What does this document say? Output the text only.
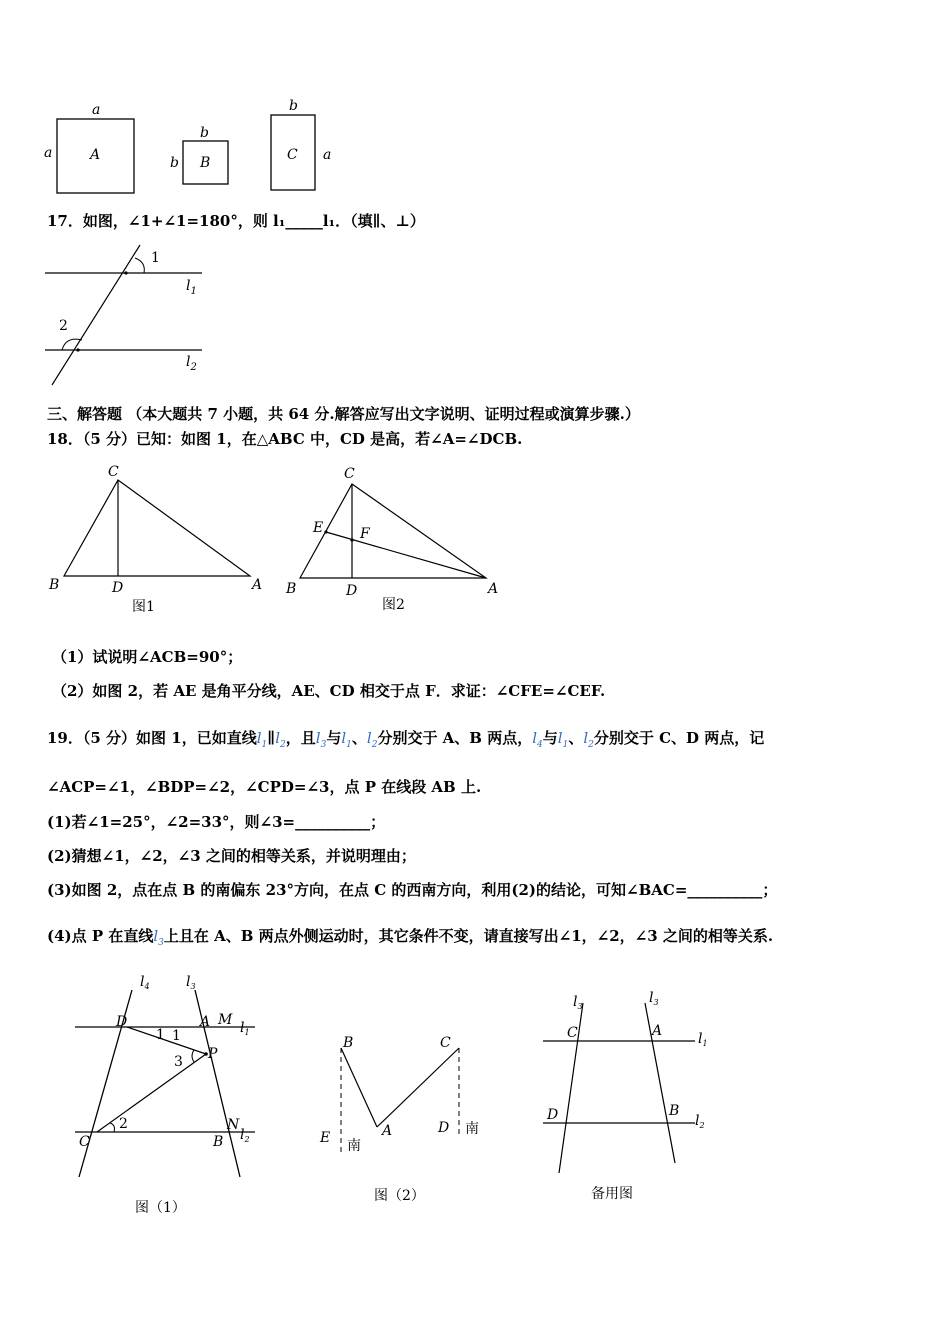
a
a	A
b
b B
b
a
C
17．如图，∠1+∠1=180°，则 l₁_____l₁．（填∥、⊥）
1
2
$l_1$
$l_2$
三、解答题 （本大题共 7 小题，共 64 分.解答应写出文字说明、证明过程或演算步骤.）
18．（5 分）已知：如图 1，在△ABC 中，CD 是高，若∠A=∠DCB.
C
B	D	A
图1
C
E	F
B	D	A
图2
（1）试说明∠ACB=90°；
（2）如图 2，若 AE 是角平分线，AE、CD 相交于点 F．求证：∠CFE=∠CEF.
19．（5 分）如图 1，已如直线$l_1\parallel l_2$，且$l_3$与$l_1$、$l_2$分别交于 A、B 两点，$l_4$与$l_1$、$l_2$分别交于 C、D 两点，记
∠ACP=∠1，∠BDP=∠2，∠CPD=∠3，点 P 在线段 AB 上.
(1)若∠1=25°，∠2=33°，则∠3=__________；
(2)猜想∠1，∠2，∠3 之间的相等关系，并说明理由；
(3)如图 2，点在点 B 的南偏东 23°方向，在点 C 的西南方向，利用(2)的结论，可知∠BAC=__________；
(4)点 P 在直线$l_3$上且在 A、B 两点外侧运动时，其它条件不变，请直接写出∠1，∠2，∠3 之间的相等关系.
$l_4$	$l_3$
D	A M $l_1$
1 1
3 P
C
2
B
N
$l_2$
图（1）
B	C
A
E 南
D 南
图（2）
$l_3$
$l_3$
C	A	$l_1$
D	B
$l_2$
备用图
